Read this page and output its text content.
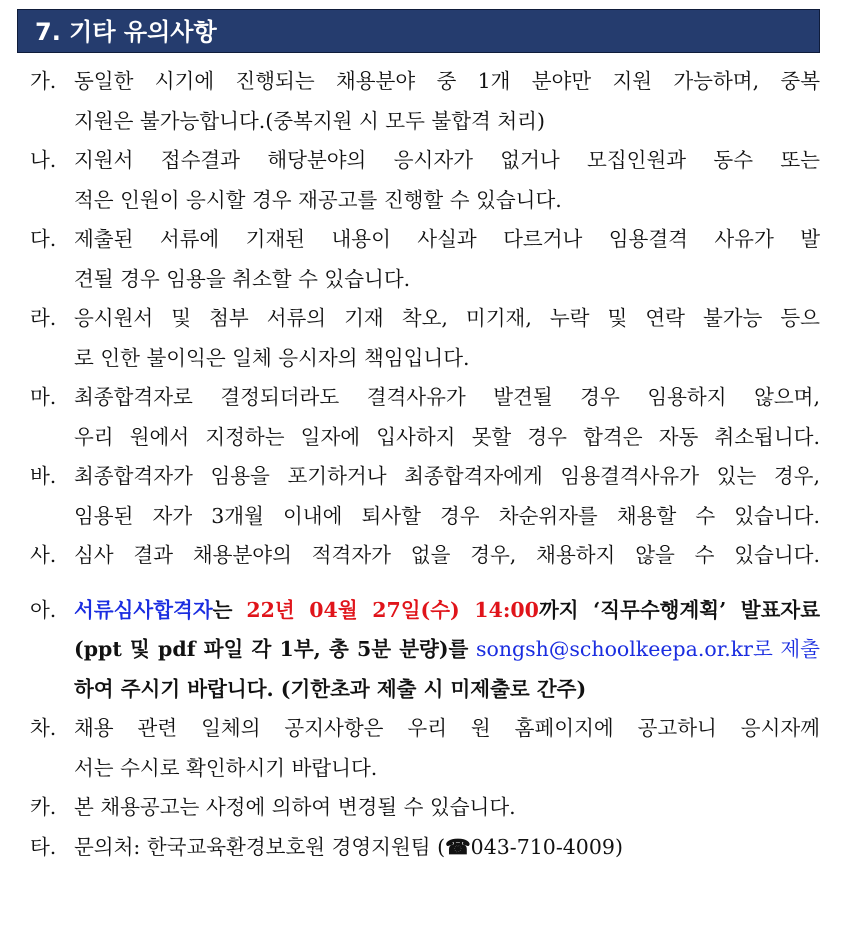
7. 기타 유의사항
가. 동일한 시기에 진행되는 채용분야 중 1개 분야만 지원 가능하며, 중복
지원은 불가능합니다.(중복지원 시 모두 불합격 처리)
나. 지원서 접수결과 해당분야의 응시자가 없거나 모집인원과 동수 또는
적은 인원이 응시할 경우 재공고를 진행할 수 있습니다.
다. 제출된 서류에 기재된 내용이 사실과 다르거나 임용결격 사유가 발
견될 경우 임용을 취소할 수 있습니다.
라. 응시원서 및 첨부 서류의 기재 착오, 미기재, 누락 및 연락 불가능 등으
로 인한 불이익은 일체 응시자의 책임입니다.
마. 최종합격자로 결정되더라도 결격사유가 발견될 경우 임용하지 않으며,
우리 원에서 지정하는 일자에 입사하지 못할 경우 합격은 자동 취소됩니다.
바. 최종합격자가 임용을 포기하거나 최종합격자에게 임용결격사유가 있는 경우,
임용된 자가 3개월 이내에 퇴사할 경우 차순위자를 채용할 수 있습니다.
사. 심사 결과 채용분야의 적격자가 없을 경우, 채용하지 않을 수 있습니다.
아. 서류심사합격자는 22년 04월 27일(수) 14:00까지 ‘직무수행계획’ 발표자료
(ppt 및 pdf 파일 각 1부, 총 5분 분량)를 songsh@schoolkeepa.or.kr로 제출
하여 주시기 바랍니다. (기한초과 제출 시 미제출로 간주)
차. 채용 관련 일체의 공지사항은 우리 원 홈페이지에 공고하니 응시자께
서는 수시로 확인하시기 바랍니다.
카. 본 채용공고는 사정에 의하여 변경될 수 있습니다.
타. 문의처: 한국교육환경보호원 경영지원팀 (☎043-710-4009)
